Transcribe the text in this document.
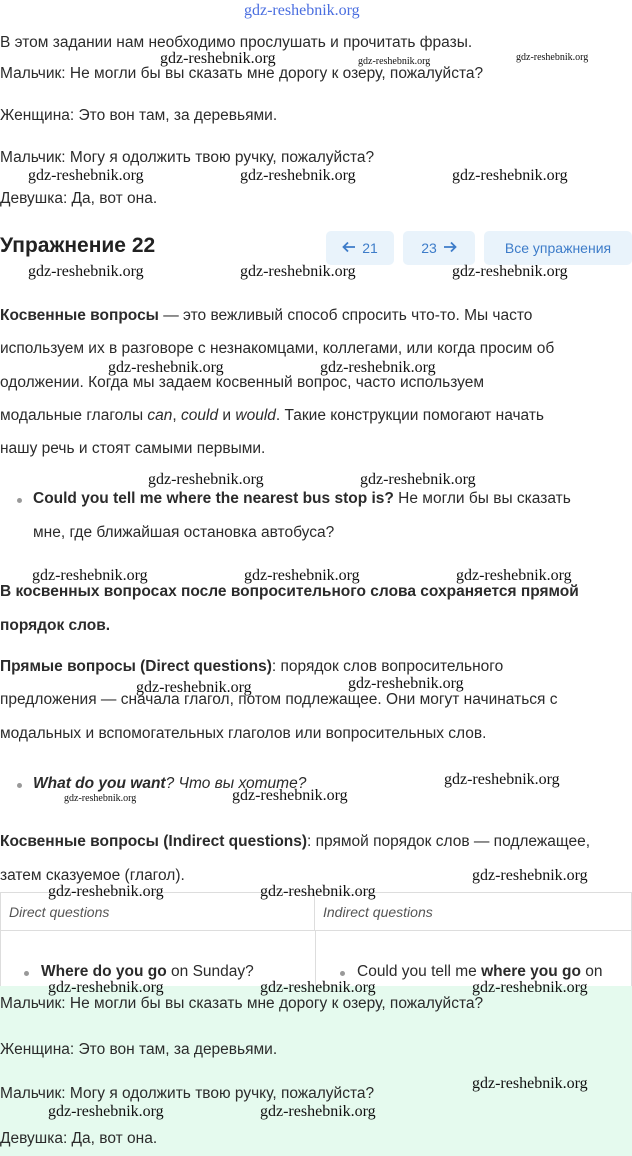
gdz-reshebnik.org
В этом задании нам необходимо прослушать и прочитать фразы.
Мальчик: Не могли бы вы сказать мне дорогу к озеру, пожалуйста?
Женщина: Это вон там, за деревьями.
Мальчик: Могу я одолжить твою ручку, пожалуйста?
Девушка: Да, вот она.
Упражнение 22	21	23	Все упражнения
Косвенные вопросы — это вежливый способ спросить что-то. Мы часто
используем их в разговоре с незнакомцами, коллегами, или когда просим об
одолжении. Когда мы задаем косвенный вопрос, часто используем
модальные глаголы can, could и would. Такие конструкции помогают начать
нашу речь и стоят самыми первыми.
Could you tell me where the nearest bus stop is? Не могли бы вы сказать
мне, где ближайшая остановка автобуса?
В косвенных вопросах после вопросительного слова сохраняется прямой
порядок слов.
Прямые вопросы (Direct questions): порядок слов вопросительного
предложения — сначала глагол, потом подлежащее. Они могут начинаться с
модальных и вспомогательных глаголов или вопросительных слов.
What do you want? Что вы хотите?
Косвенные вопросы (Indirect questions): прямой порядок слов — подлежащее,
затем сказуемое (глагол).
Direct questions	Indirect questions
Where do you go on Sunday?	Could you tell me where you go on
Мальчик: Не могли бы вы сказать мне дорогу к озеру, пожалуйста?
Женщина: Это вон там, за деревьями.
Мальчик: Могу я одолжить твою ручку, пожалуйста?
Девушка: Да, вот она.
gdz-reshebnik.org	gdz-reshebnik.org	gdz-reshebnik.org
gdz-reshebnik.org	gdz-reshebnik.org	gdz-reshebnik.org
gdz-reshebnik.org	gdz-reshebnik.org	gdz-reshebnik.org
gdz-reshebnik.org	gdz-reshebnik.org
gdz-reshebnik.org	gdz-reshebnik.org
gdz-reshebnik.org	gdz-reshebnik.org	gdz-reshebnik.org
gdz-reshebnik.org	gdz-reshebnik.org
gdz-reshebnik.org
gdz-reshebnik.org	gdz-reshebnik.org
gdz-reshebnik.org
gdz-reshebnik.org	gdz-reshebnik.org
gdz-reshebnik.org	gdz-reshebnik.org	gdz-reshebnik.org
gdz-reshebnik.org
gdz-reshebnik.org	gdz-reshebnik.org
